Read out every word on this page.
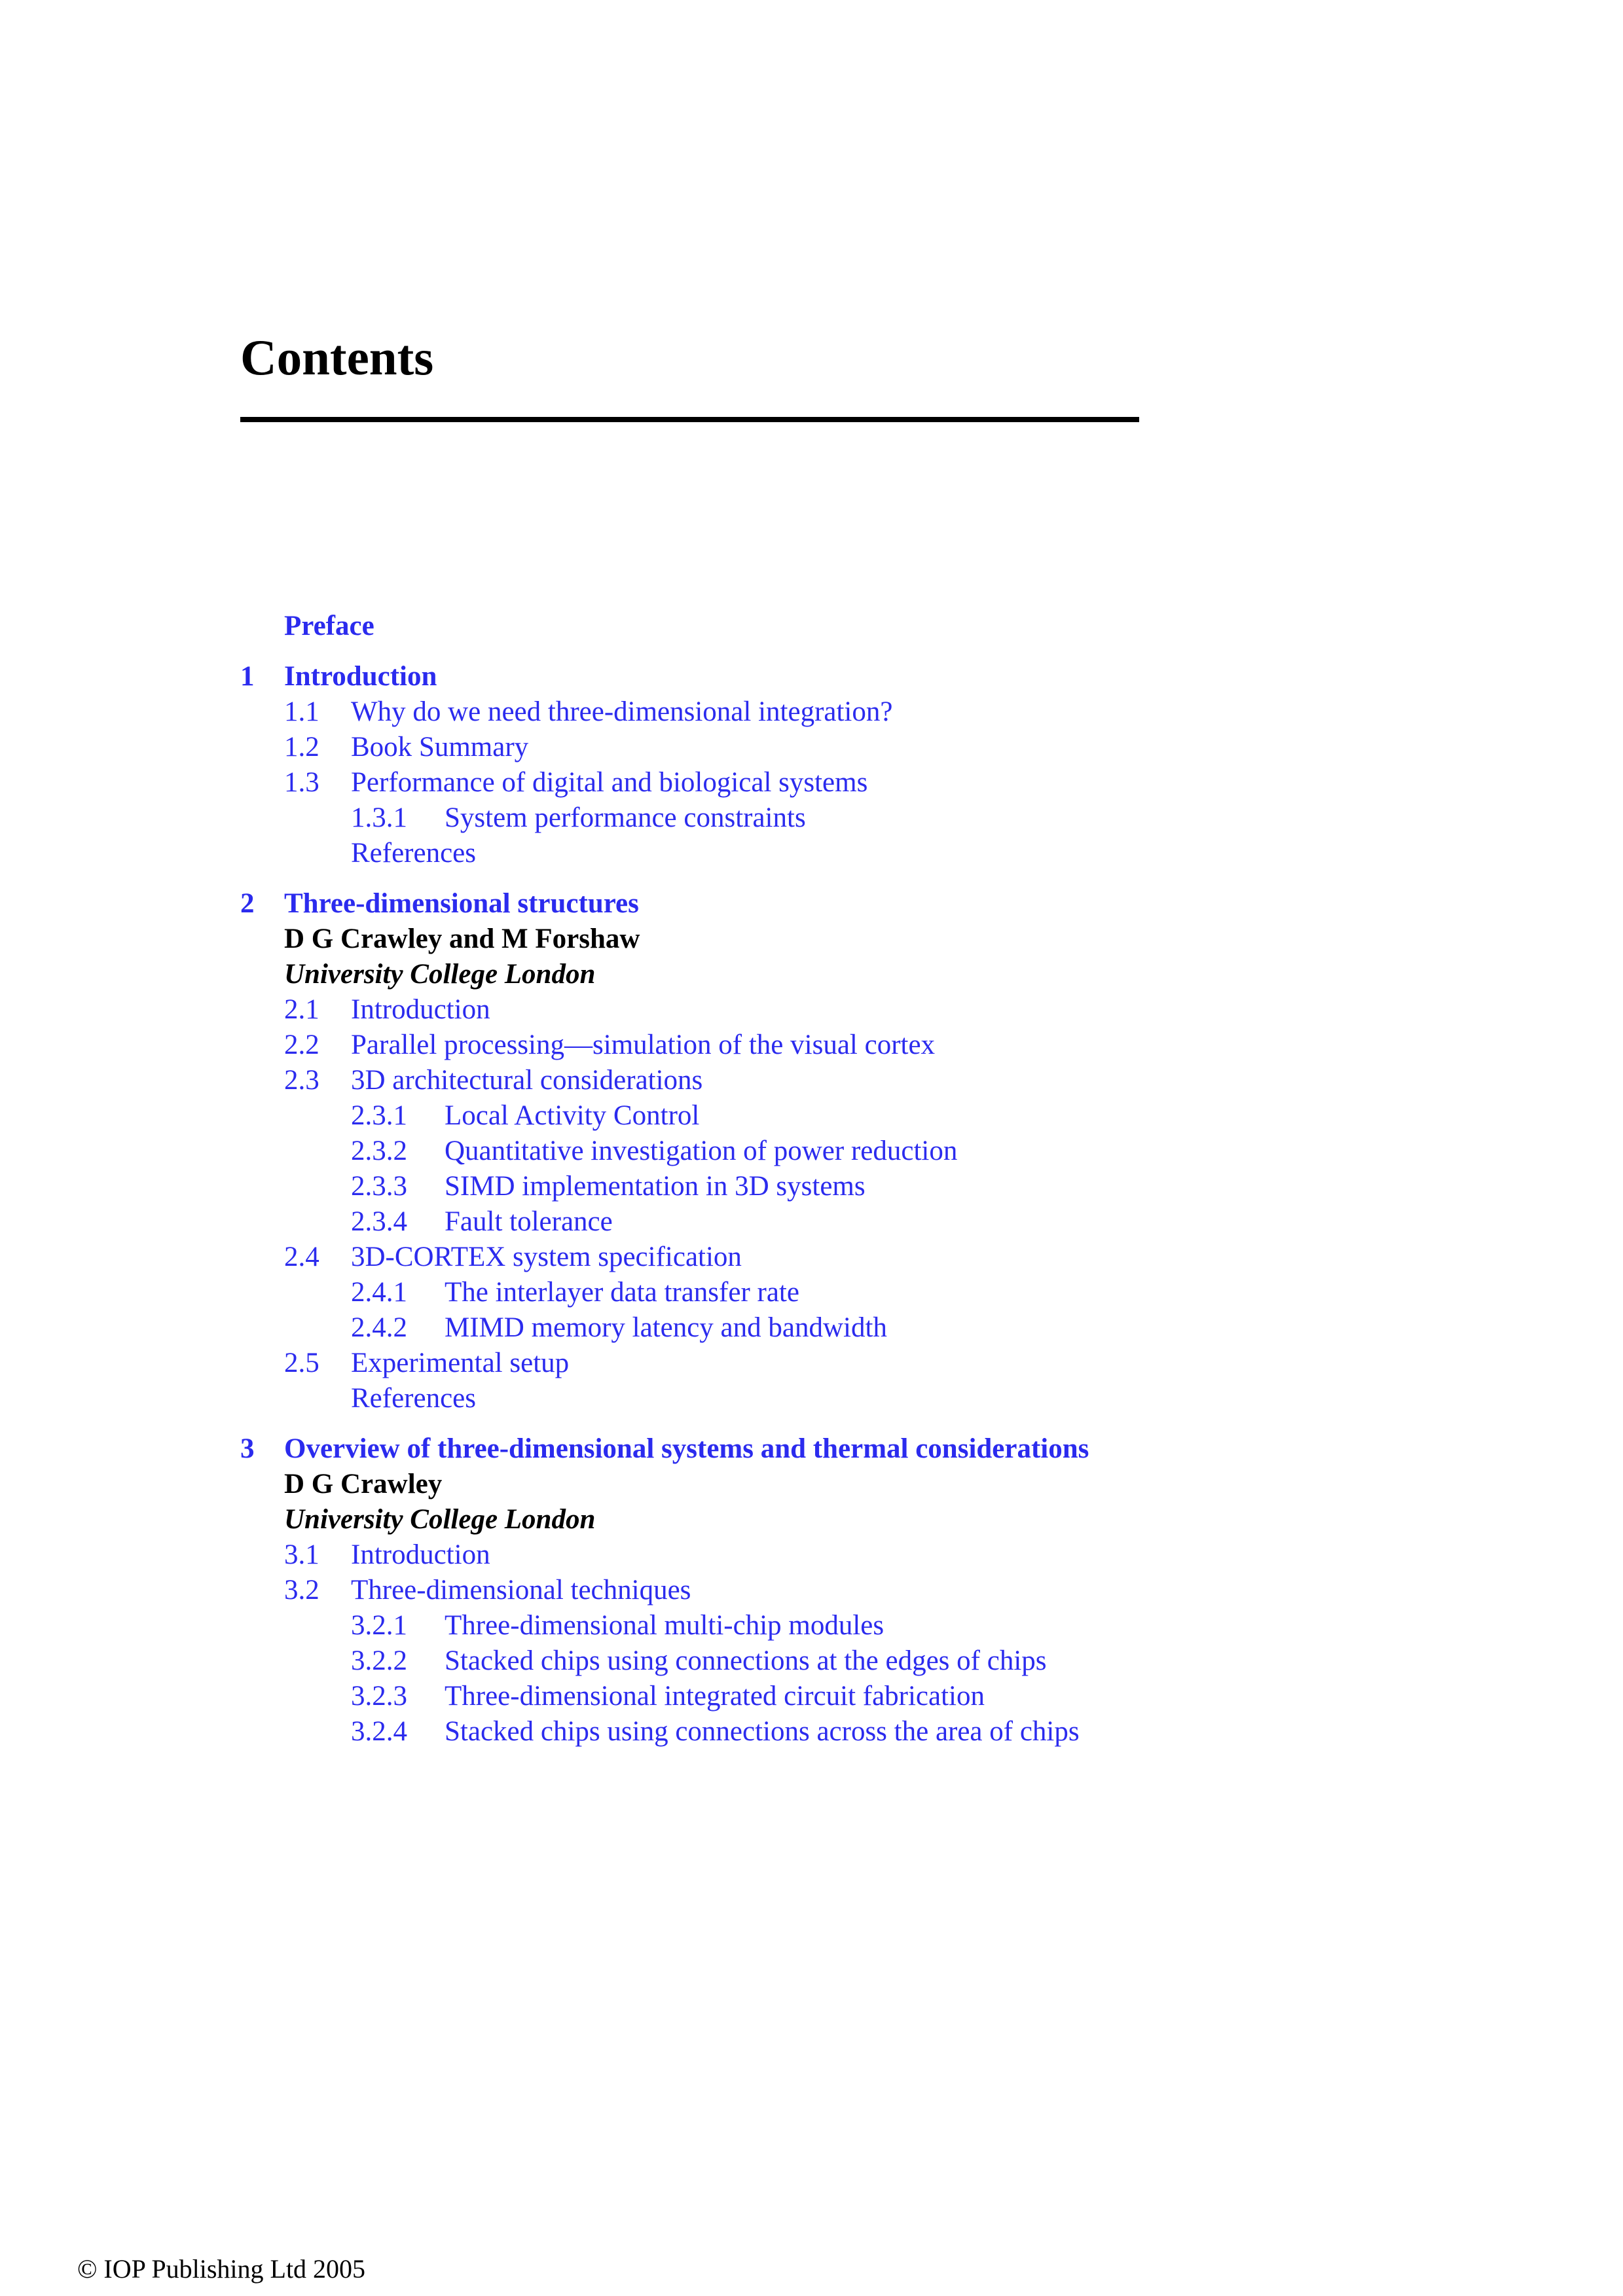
Contents
Preface
1 Introduction
1.1 Why do we need three-dimensional integration?
1.2 Book Summary
1.3 Performance of digital and biological systems
1.3.1 System performance constraints
References
2 Three-dimensional structures
D G Crawley and M Forshaw
University College London
2.1 Introduction
2.2 Parallel processing—simulation of the visual cortex
2.3 3D architectural considerations
2.3.1 Local Activity Control
2.3.2 Quantitative investigation of power reduction
2.3.3 SIMD implementation in 3D systems
2.3.4 Fault tolerance
2.4 3D-CORTEX system specification
2.4.1 The interlayer data transfer rate
2.4.2 MIMD memory latency and bandwidth
2.5 Experimental setup
References
3 Overview of three-dimensional systems and thermal considerations
D G Crawley
University College London
3.1 Introduction
3.2 Three-dimensional techniques
3.2.1 Three-dimensional multi-chip modules
3.2.2 Stacked chips using connections at the edges of chips
3.2.3 Three-dimensional integrated circuit fabrication
3.2.4 Stacked chips using connections across the area of chips
© IOP Publishing Ltd 2005
